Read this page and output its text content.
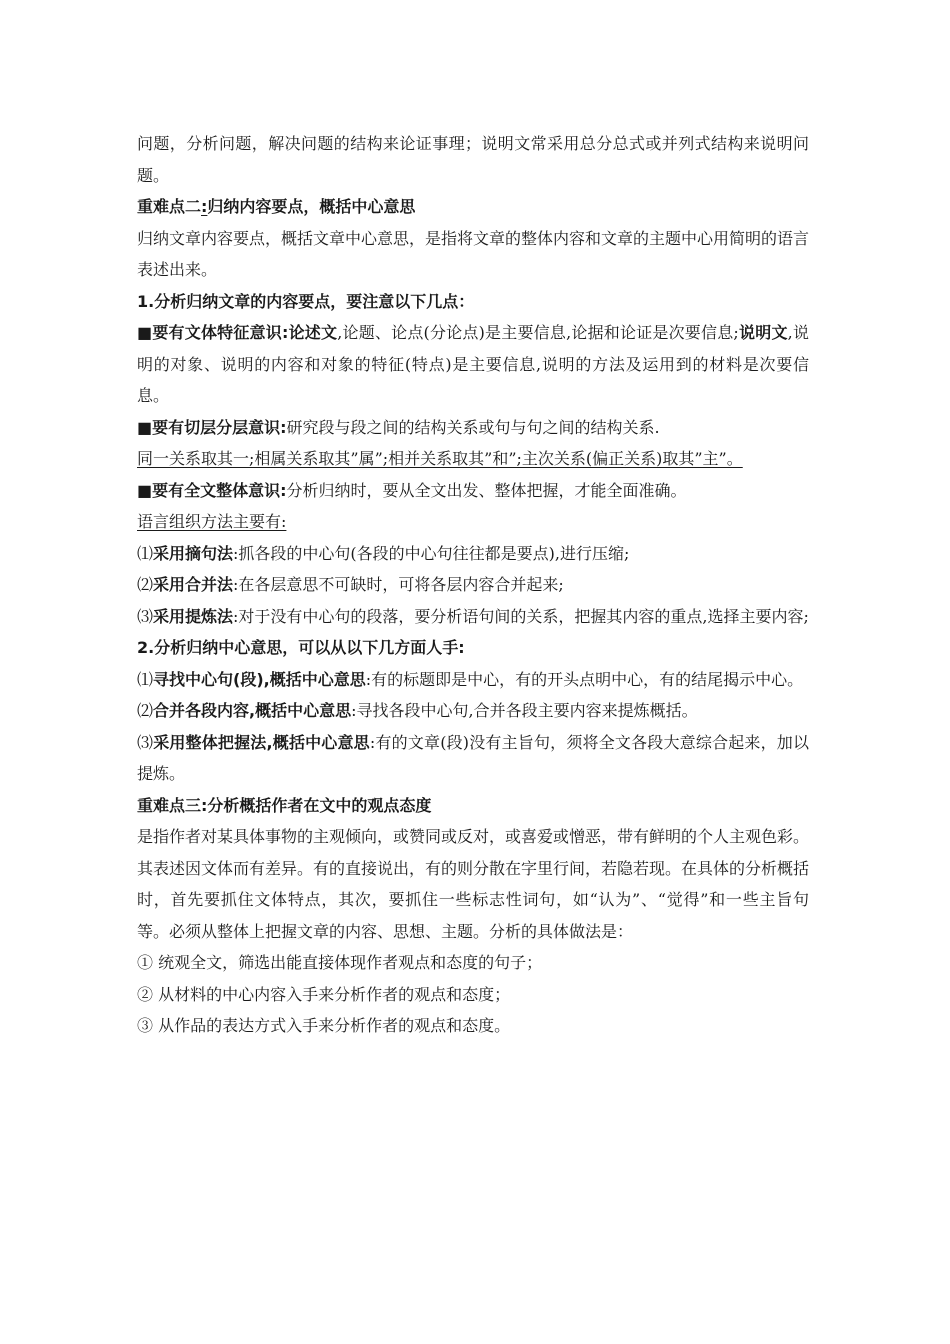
问题，分析问题，解决问题的结构来论证事理；说明文常采用总分总式或并列式结构来说明问题。

重难点二:归纳内容要点，概括中心意思

归纳文章内容要点，概括文章中心意思，是指将文章的整体内容和文章的主题中心用简明的语言表述出来。

1.分析归纳文章的内容要点，要注意以下几点：

■要有文体特征意识:论述文,论题、论点(分论点)是主要信息,论据和论证是次要信息;说明文,说明的对象、说明的内容和对象的特征(特点)是主要信息,说明的方法及运用到的材料是次要信息。

■要有切层分层意识:研究段与段之间的结构关系或句与句之间的结构关系.

同一关系取其一;相属关系取其”属”;相并关系取其”和”;主次关系(偏正关系)取其”主”。

■要有全文整体意识:分析归纳时，要从全文出发、整体把握，才能全面准确。

语言组织方法主要有:

⑴采用摘句法:抓各段的中心句(各段的中心句往往都是要点),进行压缩;

⑵采用合并法:在各层意思不可缺时，可将各层内容合并起来;

⑶采用提炼法:对于没有中心句的段落，要分析语句间的关系，把握其内容的重点,选择主要内容;

2.分析归纳中心意思，可以从以下几方面人手:

⑴寻找中心句(段),概括中心意思:有的标题即是中心，有的开头点明中心，有的结尾揭示中心。

⑵合并各段内容,概括中心意思:寻找各段中心句,合并各段主要内容来提炼概括。

⑶采用整体把握法,概括中心意思:有的文章(段)没有主旨句，须将全文各段大意综合起来，加以提炼。

重难点三:分析概括作者在文中的观点态度

是指作者对某具体事物的主观倾向，或赞同或反对，或喜爱或憎恶，带有鲜明的个人主观色彩。其表述因文体而有差异。有的直接说出，有的则分散在字里行间，若隐若现。在具体的分析概括时，首先要抓住文体特点，其次，要抓住一些标志性词句，如“认为”、“觉得”和一些主旨句等。必须从整体上把握文章的内容、思想、主题。分析的具体做法是：

① 统观全文，筛选出能直接体现作者观点和态度的句子；

② 从材料的中心内容入手来分析作者的观点和态度；

③ 从作品的表达方式入手来分析作者的观点和态度。
